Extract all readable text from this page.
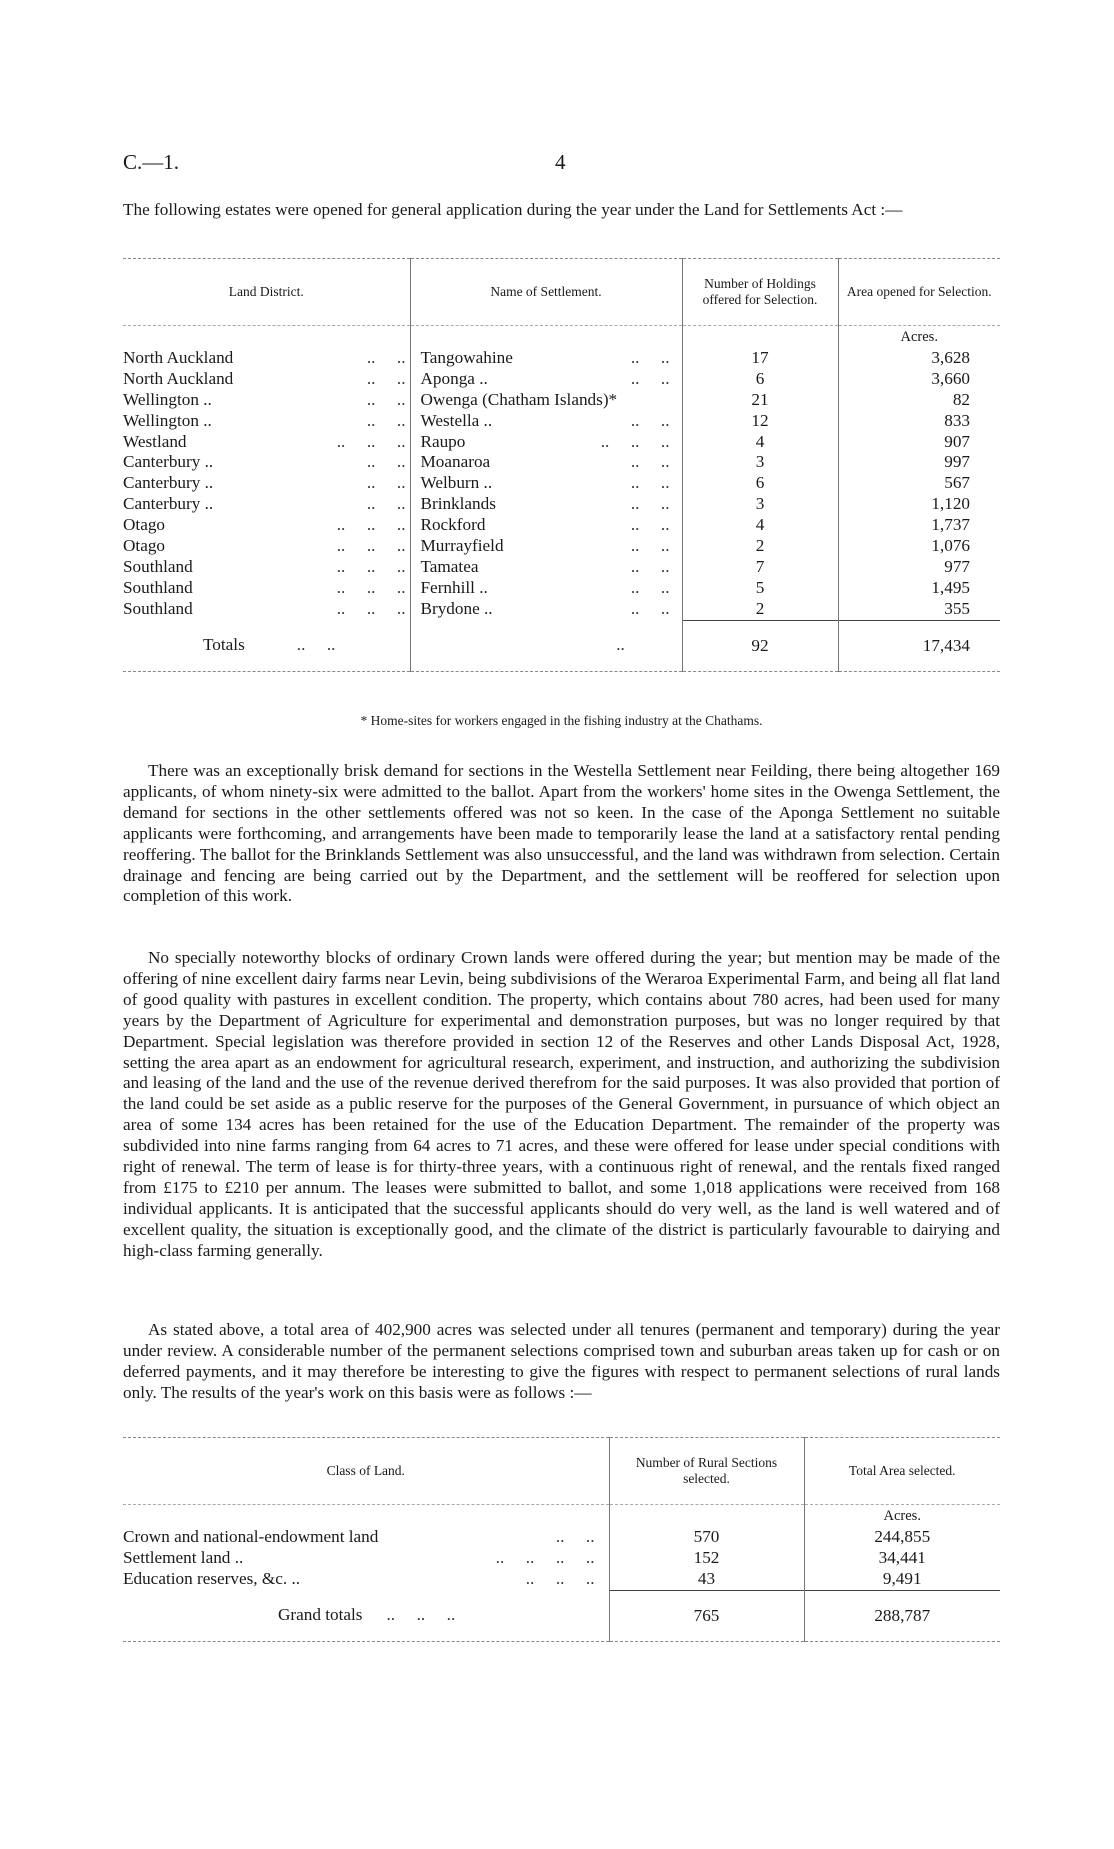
C.—1.	4

The following estates were opened for general application during the year under the Land for Settlements Act :—

Land District.	Name of Settlement.	Number of Holdings offered for Selection.	Area opened for Selection.
			Acres.
North Auckland ..     ..	Tangowahine ..     ..	17	3,628
North Auckland ..     ..	Aponga .. ..     ..	6	3,660
Wellington .. ..     ..	Owenga (Chatham Islands)*	21	82
Wellington .. ..     ..	Westella .. ..     ..	12	833
Westland ..     ..     ..	Raupo ..     ..     ..	4	907
Canterbury .. ..     ..	Moanaroa ..     ..	3	997
Canterbury .. ..     ..	Welburn .. ..     ..	6	567
Canterbury .. ..     ..	Brinklands ..     ..	3	1,120
Otago ..     ..     ..	Rockford ..     ..	4	1,737
Otago ..     ..     ..	Murrayfield ..     ..	2	1,076
Southland ..     ..     ..	Tamatea ..     ..	7	977
Southland ..     ..     ..	Fernhill .. ..     ..	5	1,495
Southland ..     ..     ..	Brydone .. ..     ..	2	355
Totals ..     ..	..	92	17,434
* Home-sites for workers engaged in the fishing industry at the Chathams.

There was an exceptionally brisk demand for sections in the Westella Settlement near Feilding, there being altogether 169 applicants, of whom ninety-six were admitted to the ballot. Apart from the workers' home sites in the Owenga Settlement, the demand for sections in the other settlements offered was not so keen. In the case of the Aponga Settlement no suitable applicants were forthcoming, and arrangements have been made to temporarily lease the land at a satisfactory rental pending reoffering. The ballot for the Brinklands Settlement was also unsuccessful, and the land was withdrawn from selection. Certain drainage and fencing are being carried out by the Department, and the settlement will be reoffered for selection upon completion of this work.

No specially noteworthy blocks of ordinary Crown lands were offered during the year; but mention may be made of the offering of nine excellent dairy farms near Levin, being subdivisions of the Weraroa Experimental Farm, and being all flat land of good quality with pastures in excellent condition. The property, which contains about 780 acres, had been used for many years by the Department of Agriculture for experimental and demonstration purposes, but was no longer required by that Department. Special legislation was therefore provided in section 12 of the Reserves and other Lands Disposal Act, 1928, setting the area apart as an endowment for agricultural research, experiment, and instruction, and authorizing the subdivision and leasing of the land and the use of the revenue derived therefrom for the said purposes. It was also provided that portion of the land could be set aside as a public reserve for the purposes of the General Government, in pursuance of which object an area of some 134 acres has been retained for the use of the Education Department. The remainder of the property was subdivided into nine farms ranging from 64 acres to 71 acres, and these were offered for lease under special conditions with right of renewal. The term of lease is for thirty-three years, with a continuous right of renewal, and the rentals fixed ranged from £175 to £210 per annum. The leases were submitted to ballot, and some 1,018 applications were received from 168 individual applicants. It is anticipated that the successful applicants should do very well, as the land is well watered and of excellent quality, the situation is exceptionally good, and the climate of the district is particularly favourable to dairying and high-class farming generally.

As stated above, a total area of 402,900 acres was selected under all tenures (permanent and temporary) during the year under review. A considerable number of the permanent selections comprised town and suburban areas taken up for cash or on deferred payments, and it may therefore be interesting to give the figures with respect to permanent selections of rural lands only. The results of the year's work on this basis were as follows :—

Class of Land.	Number of Rural Sections selected.	Total Area selected.
		Acres.
Crown and national-endowment land ..     ..	570	244,855
Settlement land .. ..     ..     ..     ..	152	34,441
Education reserves, &c. .. ..     ..     ..	43	9,491
Grand totals ..     ..     ..	765	288,787
